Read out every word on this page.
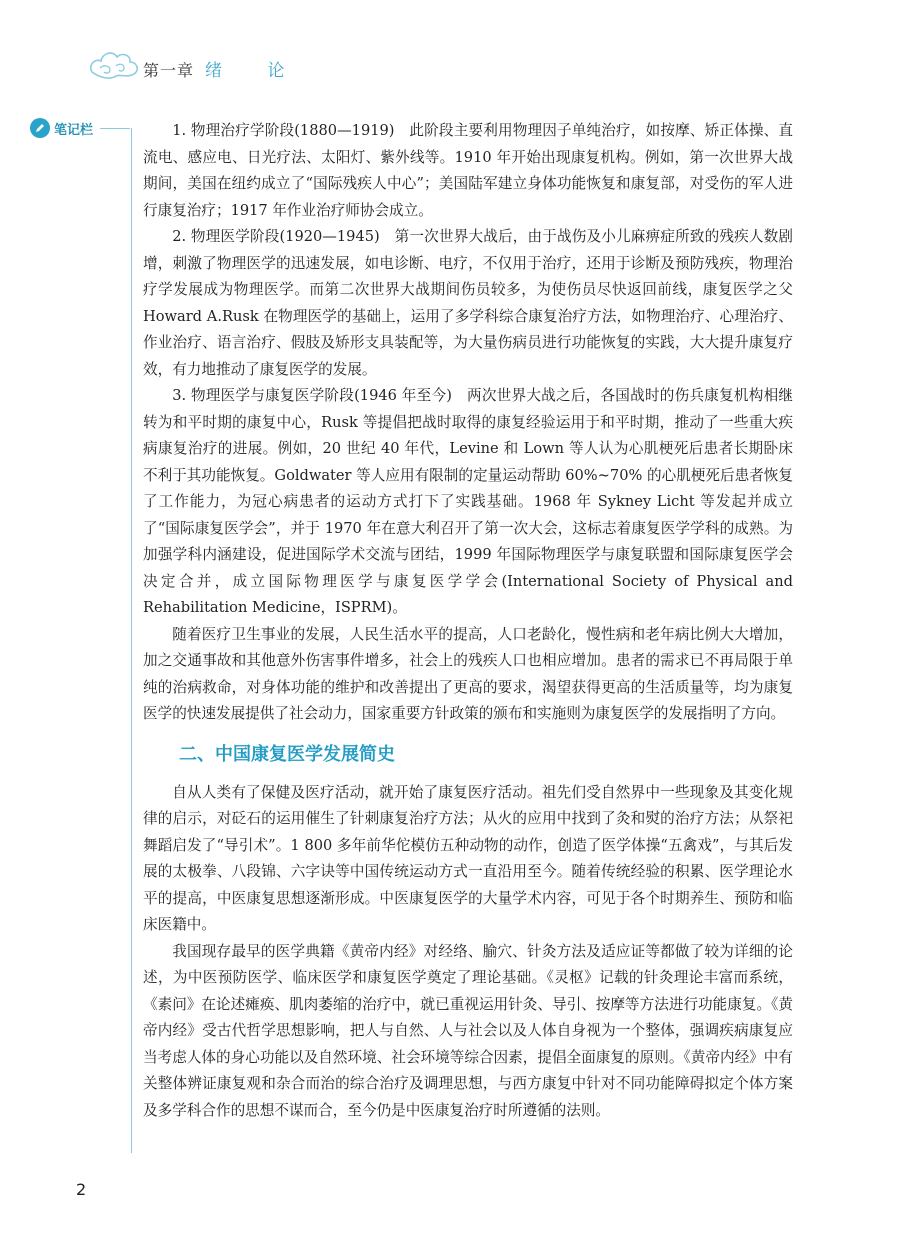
第一章 绪 论
笔记栏	1. 物理治疗学阶段(1880—1919)　此阶段主要利用物理因子单纯治疗，如按摩、矫正体操、直流电、感应电、日光疗法、太阳灯、紫外线等。1910 年开始出现康复机构。例如，第一次世界大战期间，美国在纽约成立了“国际残疾人中心”；美国陆军建立身体功能恢复和康复部，对受伤的军人进行康复治疗；1917 年作业治疗师协会成立。

2. 物理医学阶段(1920—1945)　第一次世界大战后，由于战伤及小儿麻痹症所致的残疾人数剧增，刺激了物理医学的迅速发展，如电诊断、电疗，不仅用于治疗，还用于诊断及预防残疾，物理治疗学发展成为物理医学。而第二次世界大战期间伤员较多，为使伤员尽快返回前线，康复医学之父 Howard A.Rusk 在物理医学的基础上，运用了多学科综合康复治疗方法，如物理治疗、心理治疗、作业治疗、语言治疗、假肢及矫形支具装配等，为大量伤病员进行功能恢复的实践，大大提升康复疗效，有力地推动了康复医学的发展。

3. 物理医学与康复医学阶段(1946 年至今)　两次世界大战之后，各国战时的伤兵康复机构相继转为和平时期的康复中心，Rusk 等提倡把战时取得的康复经验运用于和平时期，推动了一些重大疾病康复治疗的进展。例如，20 世纪 40 年代，Levine 和 Lown 等人认为心肌梗死后患者长期卧床不利于其功能恢复。Goldwater 等人应用有限制的定量运动帮助 60%~70% 的心肌梗死后患者恢复了工作能力，为冠心病患者的运动方式打下了实践基础。1968 年 Sykney Licht 等发起并成立了“国际康复医学会”，并于 1970 年在意大利召开了第一次大会，这标志着康复医学学科的成熟。为加强学科内涵建设，促进国际学术交流与团结，1999 年国际物理医学与康复联盟和国际康复医学会决定合并，成立国际物理医学与康复医学学会(International Society of Physical and Rehabilitation Medicine，ISPRM)。

随着医疗卫生事业的发展，人民生活水平的提高，人口老龄化，慢性病和老年病比例大大增加，加之交通事故和其他意外伤害事件增多，社会上的残疾人口也相应增加。患者的需求已不再局限于单纯的治病救命，对身体功能的维护和改善提出了更高的要求，渴望获得更高的生活质量等，均为康复医学的快速发展提供了社会动力，国家重要方针政策的颁布和实施则为康复医学的发展指明了方向。

二、中国康复医学发展简史

自从人类有了保健及医疗活动，就开始了康复医疗活动。祖先们受自然界中一些现象及其变化规律的启示，对砭石的运用催生了针刺康复治疗方法；从火的应用中找到了灸和熨的治疗方法；从祭祀舞蹈启发了“导引术”。1 800 多年前华佗模仿五种动物的动作，创造了医学体操“五禽戏”，与其后发展的太极拳、八段锦、六字诀等中国传统运动方式一直沿用至今。随着传统经验的积累、医学理论水平的提高，中医康复思想逐渐形成。中医康复医学的大量学术内容，可见于各个时期养生、预防和临床医籍中。

我国现存最早的医学典籍《黄帝内经》对经络、腧穴、针灸方法及适应证等都做了较为详细的论述，为中医预防医学、临床医学和康复医学奠定了理论基础。《灵枢》记载的针灸理论丰富而系统，《素问》在论述瘫痪、肌肉萎缩的治疗中，就已重视运用针灸、导引、按摩等方法进行功能康复。《黄帝内经》受古代哲学思想影响，把人与自然、人与社会以及人体自身视为一个整体，强调疾病康复应当考虑人体的身心功能以及自然环境、社会环境等综合因素，提倡全面康复的原则。《黄帝内经》中有关整体辨证康复观和杂合而治的综合治疗及调理思想，与西方康复中针对不同功能障碍拟定个体方案及多学科合作的思想不谋而合，至今仍是中医康复治疗时所遵循的法则。

2
